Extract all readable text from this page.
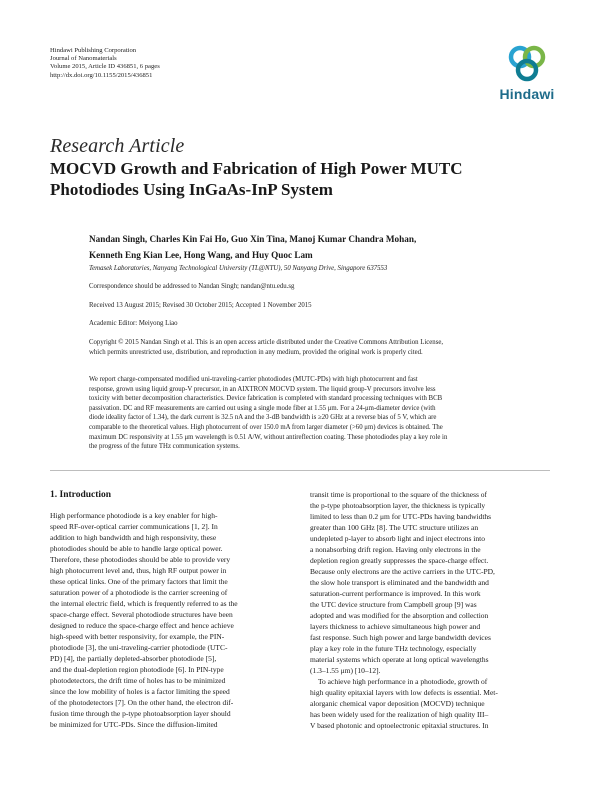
Hindawi Publishing Corporation
Journal of Nanomaterials
Volume 2015, Article ID 436851, 6 pages
http://dx.doi.org/10.1155/2015/436851
Hindawi
Research Article
MOCVD Growth and Fabrication of High Power MUTC
Photodiodes Using InGaAs-InP System
Nandan Singh, Charles Kin Fai Ho, Guo Xin Tina, Manoj Kumar Chandra Mohan,
Kenneth Eng Kian Lee, Hong Wang, and Huy Quoc Lam
Temasek Laboratories, Nanyang Technological University (TL@NTU), 50 Nanyang Drive, Singapore 637553
Correspondence should be addressed to Nandan Singh; nandan@ntu.edu.sg
Received 13 August 2015; Revised 30 October 2015; Accepted 1 November 2015
Academic Editor: Meiyong Liao
Copyright © 2015 Nandan Singh et al. This is an open access article distributed under the Creative Commons Attribution License,
which permits unrestricted use, distribution, and reproduction in any medium, provided the original work is properly cited.
We report charge-compensated modified uni-traveling-carrier photodiodes (MUTC-PDs) with high photocurrent and fast
response, grown using liquid group-V precursor, in an AIXTRON MOCVD system. The liquid group-V precursors involve less
toxicity with better decomposition characteristics. Device fabrication is completed with standard processing techniques with BCB
passivation. DC and RF measurements are carried out using a single mode fiber at 1.55 μm. For a 24-μm-diameter device (with
diode ideality factor of 1.34), the dark current is 32.5 nA and the 3-dB bandwidth is ≥20 GHz at a reverse bias of 5 V, which are
comparable to the theoretical values. High photocurrent of over 150.0 mA from larger diameter (>60 μm) devices is obtained. The
maximum DC responsivity at 1.55 μm wavelength is 0.51 A/W, without antireflection coating. These photodiodes play a key role in
the progress of the future THz communication systems.
1. Introduction
High performance photodiode is a key enabler for high-
speed RF-over-optical carrier communications [1, 2]. In
addition to high bandwidth and high responsivity, these
photodiodes should be able to handle large optical power.
Therefore, these photodiodes should be able to provide very
high photocurrent level and, thus, high RF output power in
these optical links. One of the primary factors that limit the
saturation power of a photodiode is the carrier screening of
the internal electric field, which is frequently referred to as the
space-charge effect. Several photodiode structures have been
designed to reduce the space-charge effect and hence achieve
high-speed with better responsivity, for example, the PIN-
photodiode [3], the uni-traveling-carrier photodiode (UTC-
PD) [4], the partially depleted-absorber photodiode [5],
and the dual-depletion region photodiode [6]. In PIN-type
photodetectors, the drift time of holes has to be minimized
since the low mobility of holes is a factor limiting the speed
of the photodetectors [7]. On the other hand, the electron dif-
fusion time through the p-type photoabsorption layer should
be minimized for UTC-PDs. Since the diffusion-limited
transit time is proportional to the square of the thickness of
the p-type photoabsorption layer, the thickness is typically
limited to less than 0.2 μm for UTC-PDs having bandwidths
greater than 100 GHz [8]. The UTC structure utilizes an
undepleted p-layer to absorb light and inject electrons into
a nonabsorbing drift region. Having only electrons in the
depletion region greatly suppresses the space-charge effect.
Because only electrons are the active carriers in the UTC-PD,
the slow hole transport is eliminated and the bandwidth and
saturation-current performance is improved. In this work
the UTC device structure from Campbell group [9] was
adopted and was modified for the absorption and collection
layers thickness to achieve simultaneous high power and
fast response. Such high power and large bandwidth devices
play a key role in the future THz technology, especially
material systems which operate at long optical wavelengths
(1.3–1.55 μm) [10–12].
To achieve high performance in a photodiode, growth of
high quality epitaxial layers with low defects is essential. Met-
alorganic chemical vapor deposition (MOCVD) technique
has been widely used for the realization of high quality III–
V based photonic and optoelectronic epitaxial structures. In
